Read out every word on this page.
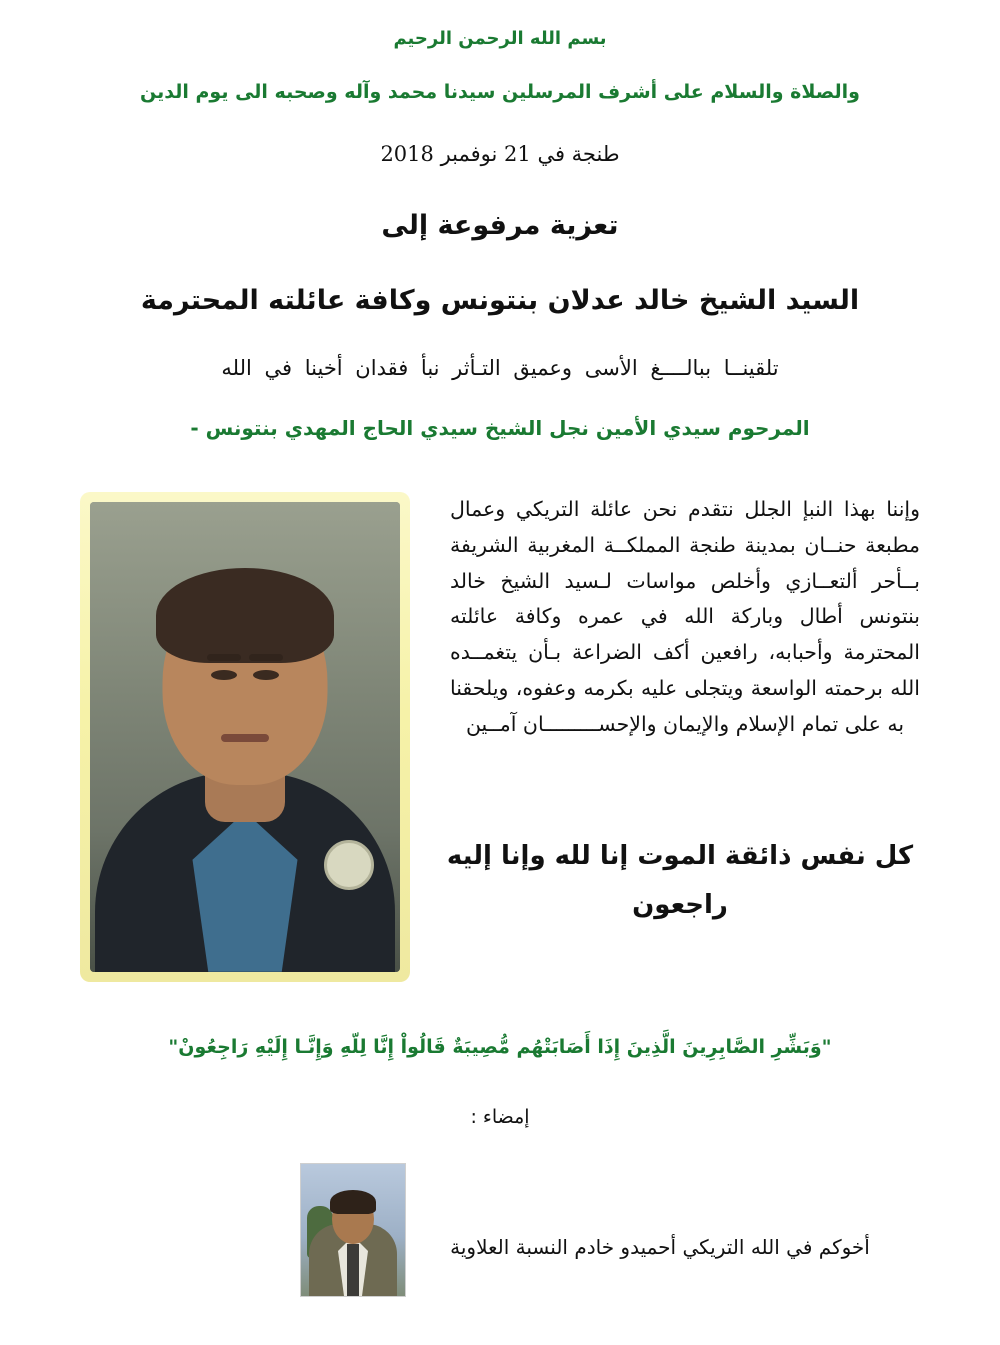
بسم الله الرحمن الرحيم
والصلاة والسلام على أشرف المرسلين سيدنا محمد وآله وصحبه الى يوم الدين
طنجة في 21 نوفمبر 2018
تعزية مرفوعة إلى
السيد الشيخ خالد عدلان بنتونس وكافة عائلته المحترمة
تلقينــا ببالــــغ الأسى وعميق التـأثر نبأ فقدان أخينا في الله
المرحوم سيدي الأمين نجل الشيخ سيدي الحاج المهدي بنتونس -
وإننا بهذا النبإ الجلل نتقدم نحن عائلة التريكي وعمال مطبعة حنــان بمدينة طنجة المملكــة المغربية الشريفة بــأحر ألتعــازي وأخلص مواسات لـسيد الشيخ خالد بنتونس أطال وباركة الله في عمره وكافة عائلته المحترمة وأحبابه، رافعين أكف الضراعة بـأن يتغمــده الله برحمته الواسعة ويتجلى عليه بكرمه وعفوه، ويلحقنا به على تمام الإسلام والإيمان والإحســـــــــان آمــين
كل نفس ذائقة الموت إنا لله وإنا إليه راجعون
"وَبَشِّرِ الصَّابِرِينَ الَّذِينَ إِذَا أَصَابَتْهُم مُّصِيبَةٌ قَالُواْ إِنَّا لِلّهِ وَإِنَّـا إِلَيْهِ رَاجِعُونْ"
إمضاء :
أخوكم في الله التريكي أحميدو خادم النسبة العلاوية
